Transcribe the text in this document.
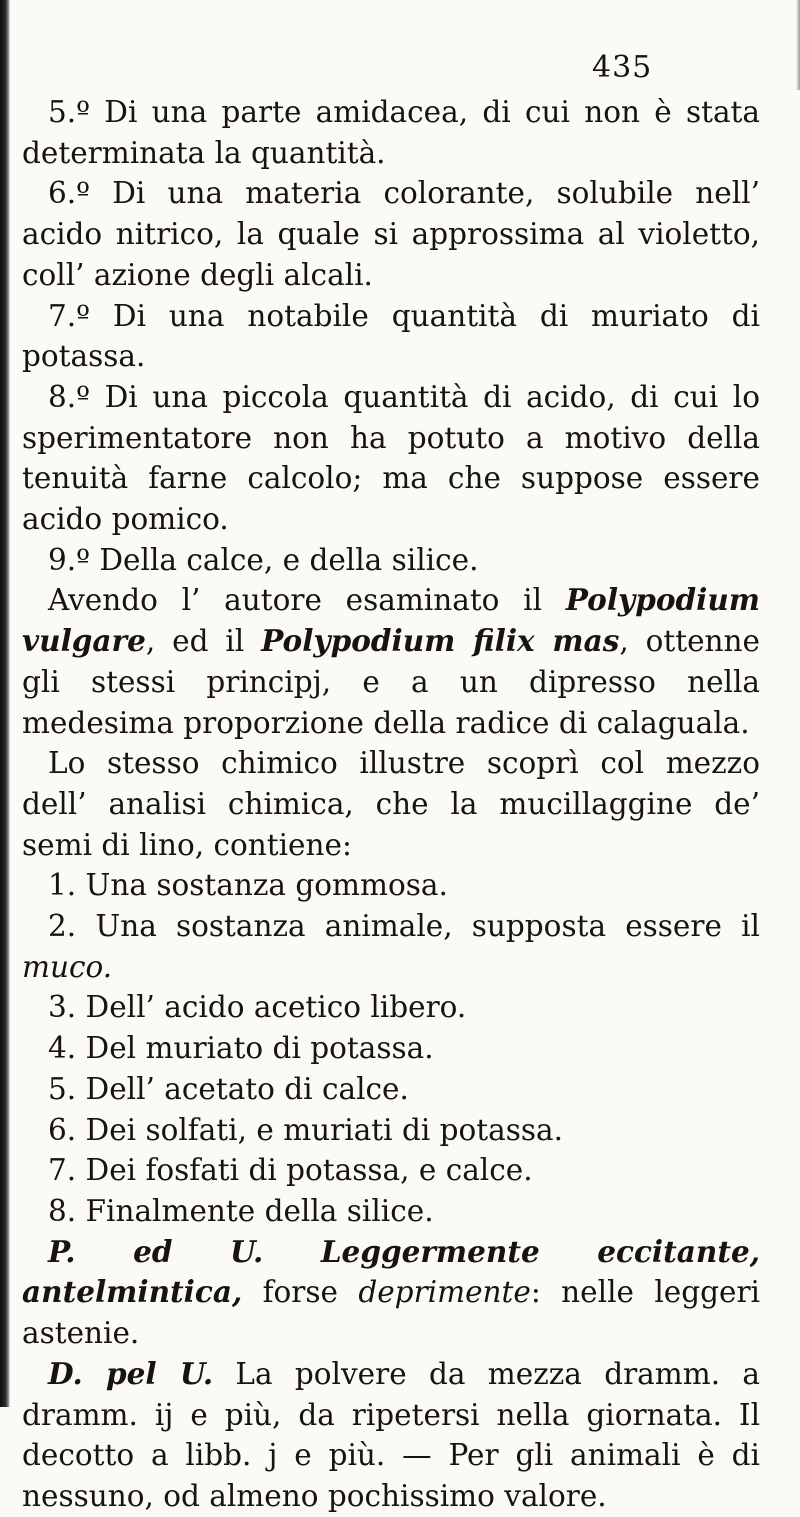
435

5.º Di una parte amidacea, di cui non è stata determinata la quantità.

6.º Di una materia colorante, solubile nell’ acido nitrico, la quale si approssima al violetto, coll’ azione degli alcali.

7.º Di una notabile quantità di muriato di potassa.

8.º Di una piccola quantità di acido, di cui lo sperimentatore non ha potuto a motivo della tenuità farne calcolo; ma che suppose essere acido pomico.

9.º Della calce, e della silice.

Avendo l’ autore esaminato il Polypodium vulgare, ed il Polypodium filix mas, ottenne gli stessi principj, e a un dipresso nella medesima proporzione della radice di calaguala.

Lo stesso chimico illustre scoprì col mezzo dell’ analisi chimica, che la mucillaggine de’ semi di lino, contiene:

1. Una sostanza gommosa.

2. Una sostanza animale, supposta essere il muco.

3. Dell’ acido acetico libero.

4. Del muriato di potassa.

5. Dell’ acetato di calce.

6. Dei solfati, e muriati di potassa.

7. Dei fosfati di potassa, e calce.

8. Finalmente della silice.

P. ed U. Leggermente eccitante, antelmintica, forse deprimente: nelle leggeri astenie.

D. pel U. La polvere da mezza dramm. a dramm. ij e più, da ripetersi nella giornata. Il decotto a libb. j e più. — Per gli animali è di nessuno, od almeno pochissimo valore.
